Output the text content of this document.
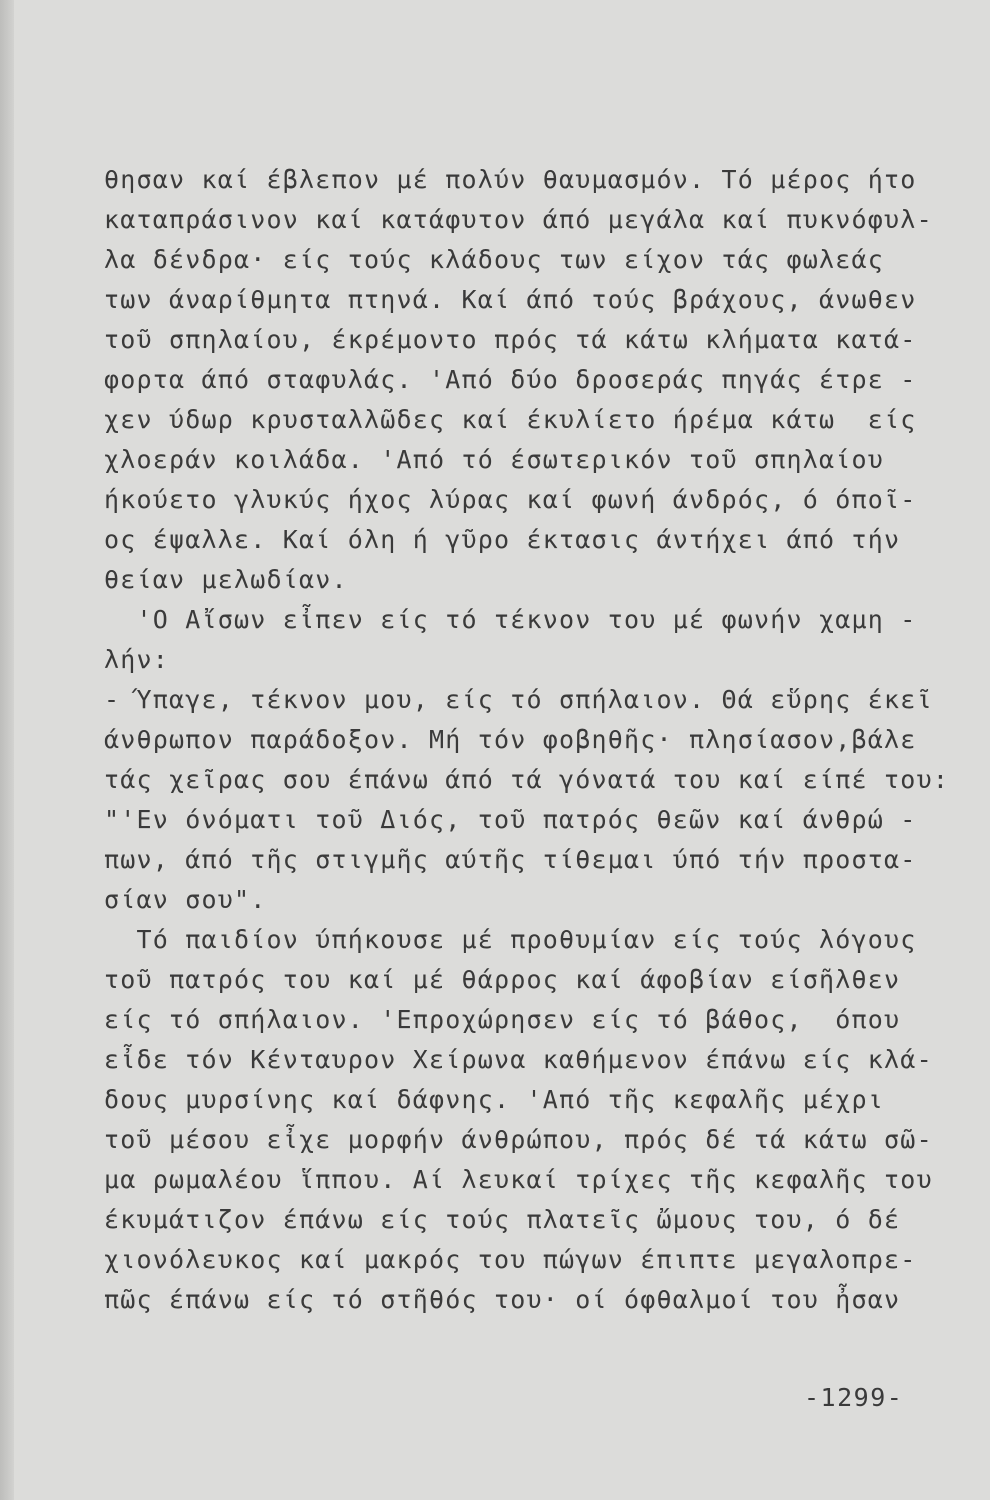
θησαν καί έβλεπον μέ πολύν θαυμασμόν. Τό μέρος ήτο
καταπράσινον καί κατάφυτον άπό μεγάλα καί πυκνόφυλ-
λα δένδρα· είς τούς κλάδους των είχον τάς φωλεάς
των άναρίθμητα πτηνά. Καί άπό τούς βράχους, άνωθεν
τοῦ σπηλαίου, έκρέμοντο πρός τά κάτω κλήματα κατά-
φορτα άπό σταφυλάς. 'Από δύο δροσεράς πηγάς έτρε -
χεν ύδωρ κρυσταλλῶδες καί έκυλίετο ήρέμα κάτω  είς
χλοεράν κοιλάδα. 'Από τό έσωτερικόν τοῦ σπηλαίου
ήκούετο γλυκύς ήχος λύρας καί φωνή άνδρός, ό όποῖ-
ος έψαλλε. Καί όλη ή γῦρο έκτασις άντήχει άπό τήν
θείαν μελωδίαν.
'Ο Αἴσων εἶπεν είς τό τέκνον του μέ φωνήν χαμη -
λήν:
- Ύπαγε, τέκνον μου, είς τό σπήλαιον. Θά εὕρης έκεῖ
άνθρωπον παράδοξον. Μή τόν φοβηθῆς· πλησίασον,βάλε
τάς χεῖρας σου έπάνω άπό τά γόνατά του καί είπέ του:
"'Εν όνόματι τοῦ Διός, τοῦ πατρός θεῶν καί άνθρώ -
πων, άπό τῆς στιγμῆς αύτῆς τίθεμαι ύπό τήν προστα-
σίαν σου".
Τό παιδίον ύπήκουσε μέ προθυμίαν είς τούς λόγους
τοῦ πατρός του καί μέ θάρρος καί άφοβίαν είσῆλθεν
είς τό σπήλαιον. 'Επροχώρησεν είς τό βάθος,  όπου
εἶδε τόν Κένταυρον Χείρωνα καθήμενον έπάνω είς κλά-
δους μυρσίνης καί δάφνης. 'Από τῆς κεφαλῆς μέχρι
τοῦ μέσου εἶχε μορφήν άνθρώπου, πρός δέ τά κάτω σῶ-
μα ρωμαλέου ἵππου. Αί λευκαί τρίχες τῆς κεφαλῆς του
έκυμάτιζον έπάνω είς τούς πλατεῖς ὤμους του, ό δέ
χιονόλευκος καί μακρός του πώγων έπιπτε μεγαλοπρε-
πῶς έπάνω είς τό στῆθός του· οί όφθαλμοί του ἦσαν
-1299-
